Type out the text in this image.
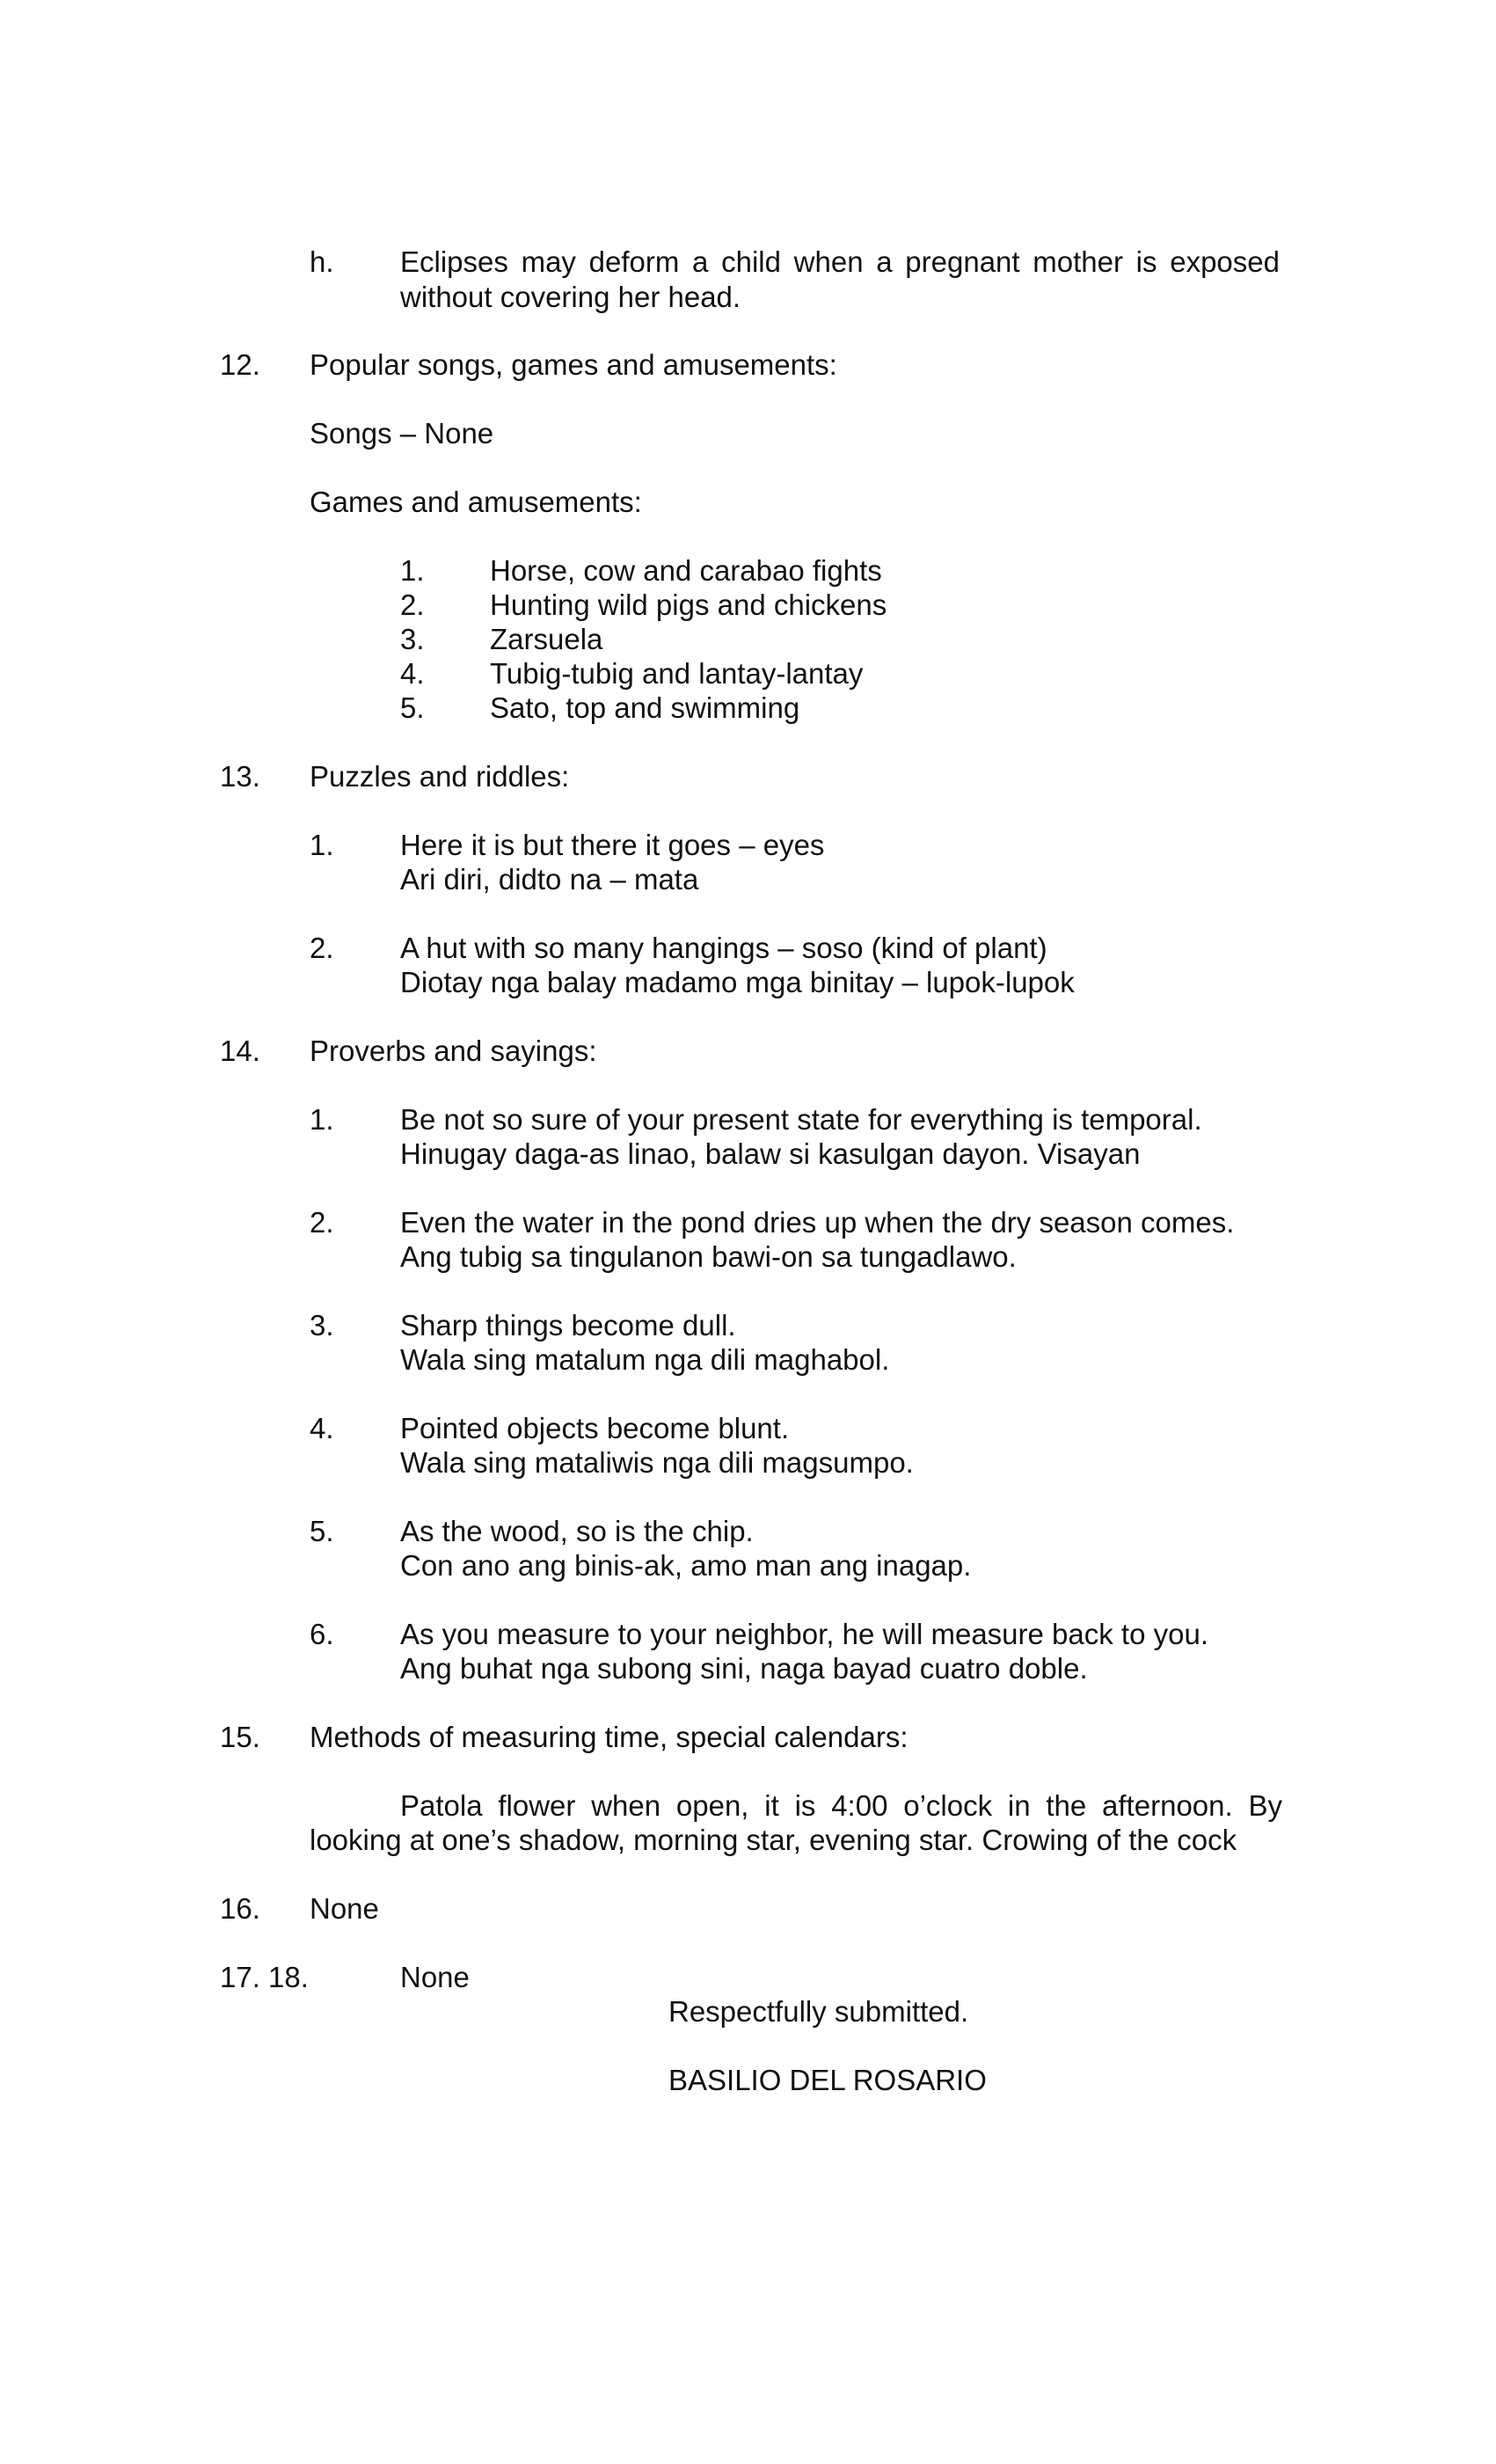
h. Eclipses may deform a child when a pregnant mother is exposed
without covering her head.
12. Popular songs, games and amusements:
Songs – None
Games and amusements:
1. Horse, cow and carabao fights
2. Hunting wild pigs and chickens
3. Zarsuela
4. Tubig-tubig and lantay-lantay
5. Sato, top and swimming
13. Puzzles and riddles:
1. Here it is but there it goes – eyes
Ari diri, didto na – mata
2. A hut with so many hangings – soso (kind of plant)
Diotay nga balay madamo mga binitay – lupok-lupok
14. Proverbs and sayings:
1. Be not so sure of your present state for everything is temporal.
Hinugay daga-as linao, balaw si kasulgan dayon. Visayan
2. Even the water in the pond dries up when the dry season comes.
Ang tubig sa tingulanon bawi-on sa tungadlawo.
3. Sharp things become dull.
Wala sing matalum nga dili maghabol.
4. Pointed objects become blunt.
Wala sing mataliwis nga dili magsumpo.
5. As the wood, so is the chip.
Con ano ang binis-ak, amo man ang inagap.
6. As you measure to your neighbor, he will measure back to you.
Ang buhat nga subong sini, naga bayad cuatro doble.
15. Methods of measuring time, special calendars:
Patola flower when open, it is 4:00 o’clock in the afternoon. By
looking at one’s shadow, morning star, evening star. Crowing of the cock
16. None
17. 18.	None
Respectfully submitted.
BASILIO DEL ROSARIO
